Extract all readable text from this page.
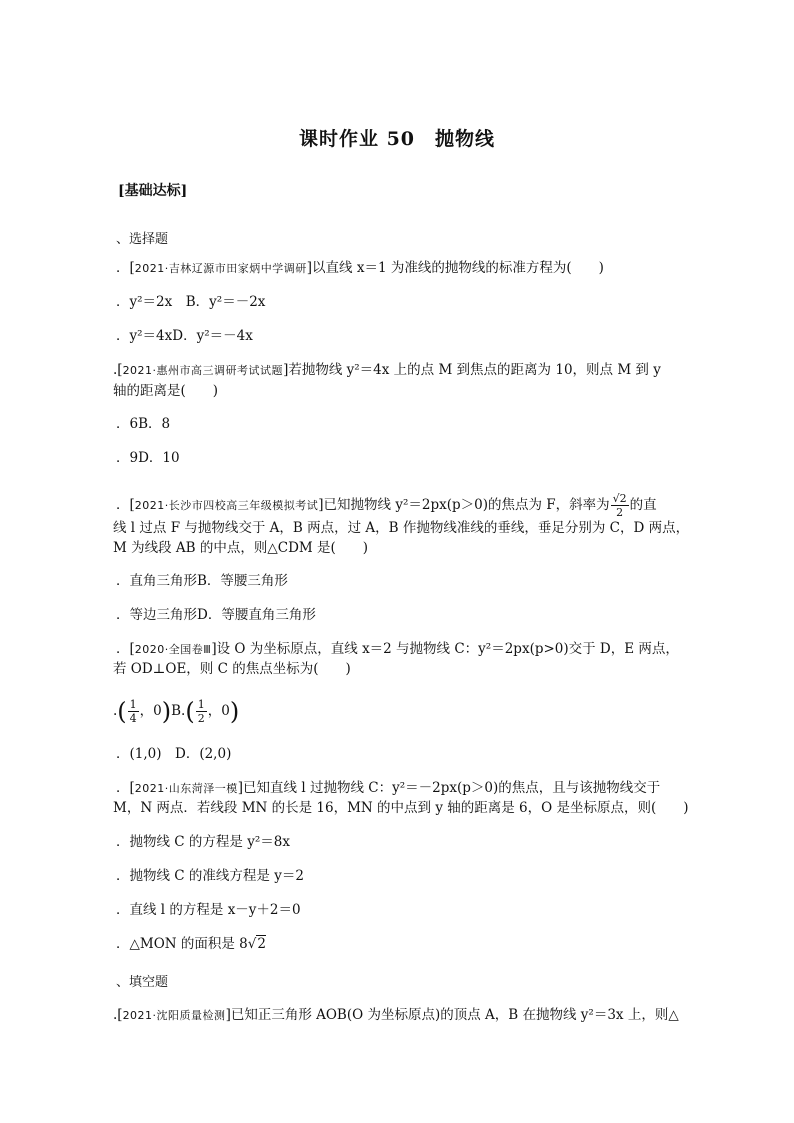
课时作业 50　抛物线
[基础达标]
、选择题
．[2021·吉林辽源市田家炳中学调研]以直线 x＝1 为准线的抛物线的标准方程为(　　)
．y²＝2x　B．y²＝－2x
．y²＝4xD．y²＝－4x
.[2021·惠州市高三调研考试试题]若抛物线 y²＝4x 上的点 M 到焦点的距离为 10，则点 M 到 y
轴的距离是(　　)
．6B．8
．9D．10
．[2021·长沙市四校高三年级模拟考试]已知抛物线 y²＝2px(p＞0)的焦点为 F，斜率为 $\frac{√2}{2}$ 的直
线 l 过点 F 与抛物线交于 A，B 两点，过 A，B 作抛物线准线的垂线，垂足分别为 C，D 两点，
M 为线段 AB 的中点，则△CDM 是(　　)
．直角三角形B．等腰三角形
．等边三角形D．等腰直角三角形
．[2020·全国卷Ⅲ]设 O 为坐标原点，直线 x＝2 与抛物线 C：y²＝2px(p>0)交于 D，E 两点，
若 OD⊥OE，则 C 的焦点坐标为(　　)
.( $\frac{1}{4}$ ，$0)B.( \frac{1}{2}$ ，0)
．(1,0)　D．(2,0)
．[2021·山东菏泽一模]已知直线 l 过抛物线 C：y²＝－2px(p＞0)的焦点，且与该抛物线交于
M，N 两点．若线段 MN 的长是 16，MN 的中点到 y 轴的距离是 6，O 是坐标原点，则(　　)
．抛物线 C 的方程是 y²＝8x
．抛物线 C 的准线方程是 y＝2
．直线 l 的方程是 x－y＋2＝0
．△MON 的面积是 8√2
、填空题
.[2021·沈阳质量检测]已知正三角形 AOB(O 为坐标原点)的顶点 A，B 在抛物线 y²＝3x 上，则△
